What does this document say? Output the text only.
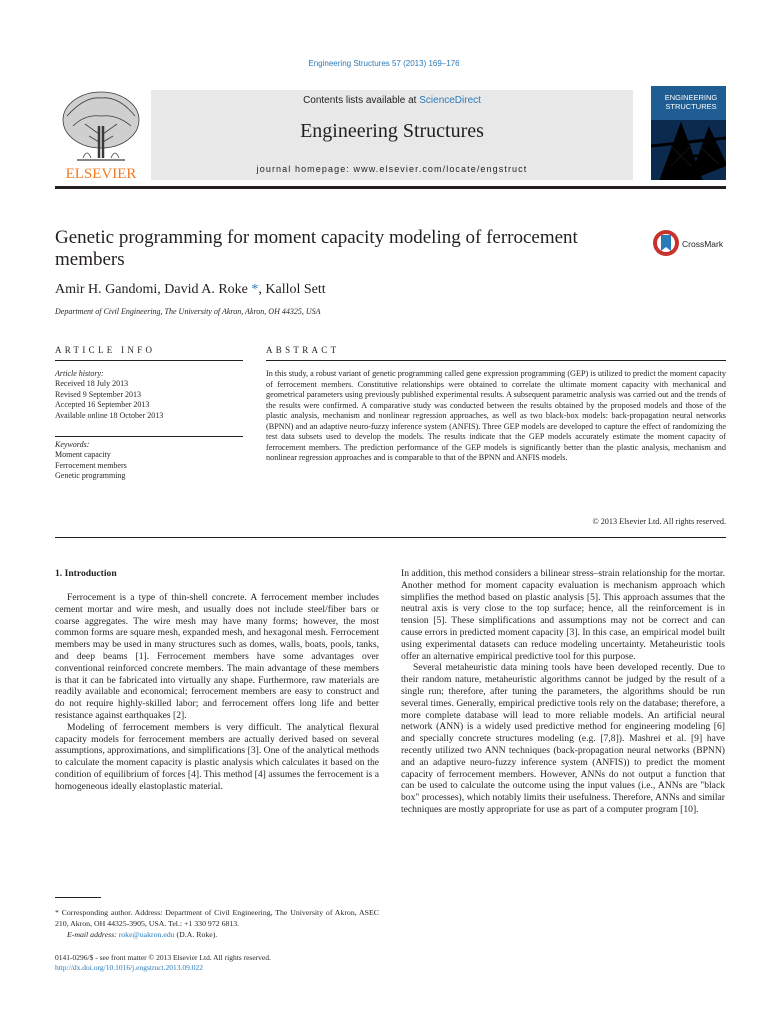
Engineering Structures 57 (2013) 169–176
ELSEVIER
Contents lists available at ScienceDirect
Engineering Structures
journal homepage: www.elsevier.com/locate/engstruct
ENGINEERING
STRUCTURES
Genetic programming for moment capacity modeling of ferrocement members
CrossMark
Amir H. Gandomi, David A. Roke *, Kallol Sett
Department of Civil Engineering, The University of Akron, Akron, OH 44325, USA
ARTICLE INFO
Article history:
Received 18 July 2013
Revised 9 September 2013
Accepted 16 September 2013
Available online 18 October 2013
Keywords:
Moment capacity
Ferrocement members
Genetic programming
ABSTRACT
In this study, a robust variant of genetic programming called gene expression programming (GEP) is utilized to predict the moment capacity of ferrocement members. Constitutive relationships were obtained to correlate the ultimate moment capacity with mechanical and geometrical parameters using previously published experimental results. A subsequent parametric analysis was carried out and the trends of the results were confirmed. A comparative study was conducted between the results obtained by the proposed models and those of the plastic analysis, mechanism and nonlinear regression approaches, as well as two black-box models: back-propagation neural networks (BPNN) and an adaptive neuro-fuzzy inference system (ANFIS). Three GEP models are developed to capture the effect of randomizing the test data subsets used to develop the models. The results indicate that the GEP models accurately estimate the moment capacity of ferrocement members. The prediction performance of the GEP models is significantly better than the plastic analysis, mechanism and nonlinear regression approaches and is comparable to that of the BPNN and ANFIS models.
© 2013 Elsevier Ltd. All rights reserved.
1. Introduction

Ferrocement is a type of thin-shell concrete. A ferrocement member includes cement mortar and wire mesh, and usually does not include steel/fiber bars or coarse aggregates. The wire mesh may have many forms; however, the most common forms are square mesh, expanded mesh, and hexagonal mesh. Ferrocement members may be used in many structures such as domes, walls, boats, pools, tanks, and deep beams [1]. Ferrocement members have some advantages over conventional reinforced concrete members. The main advantage of these members is that it can be fabricated into virtually any shape. Furthermore, raw materials are readily available and economical; ferrocement members are easy to construct and do not require highly-skilled labor; and ferrocement offers long life and better resistance against earthquakes [2].

Modeling of ferrocement members is very difficult. The analytical flexural capacity models for ferrocement members are actually derived based on several assumptions, approximations, and simplifications [3]. One of the analytical methods to calculate the moment capacity is plastic analysis which calculates it based on the condition of equilibrium of forces [4]. This method [4] assumes the ferrocement is a homogeneous ideally elastoplastic material.

In addition, this method considers a bilinear stress–strain relationship for the mortar. Another method for moment capacity evaluation is mechanism approach which simplifies the method based on plastic analysis [5]. This approach assumes that the neutral axis is very close to the top surface; hence, all the reinforcement is in tension [5]. These simplifications and assumptions may not be correct and can cause errors in predicted moment capacity [3]. In this case, an empirical model built using experimental datasets can reduce modeling uncertainty. Metaheuristic tools offer an alternative empirical predictive tool for this purpose.

Several metaheuristic data mining tools have been developed recently. Due to their random nature, metaheuristic algorithms cannot be judged by the result of a single run; therefore, after tuning the parameters, the algorithms should be run several times. Generally, empirical predictive tools rely on the database; therefore, a more complete database will lead to more reliable models. An artificial neural network (ANN) is a widely used predictive method for engineering modeling [6] and specially concrete structures modeling (e.g. [7,8]). Mashrei et al. [9] have recently utilized two ANN techniques (back-propagation neural networks (BPNN) and an adaptive neuro-fuzzy inference system (ANFIS)) to predict the moment capacity of ferrocement members. However, ANNs do not output a function that can be used to calculate the outcome using the input values (i.e., ANNs are "black box" processes), which notably limits their usefulness. Therefore, ANNs and similar techniques are mostly appropriate for use as part of a computer program [10].

* Corresponding author. Address: Department of Civil Engineering, The University of Akron, ASEC 210, Akron, OH 44325-3905, USA. Tel.: +1 330 972 6813.
E-mail address: roke@uakron.edu (D.A. Roke).
0141-0296/$ - see front matter © 2013 Elsevier Ltd. All rights reserved.
http://dx.doi.org/10.1016/j.engstruct.2013.09.022
